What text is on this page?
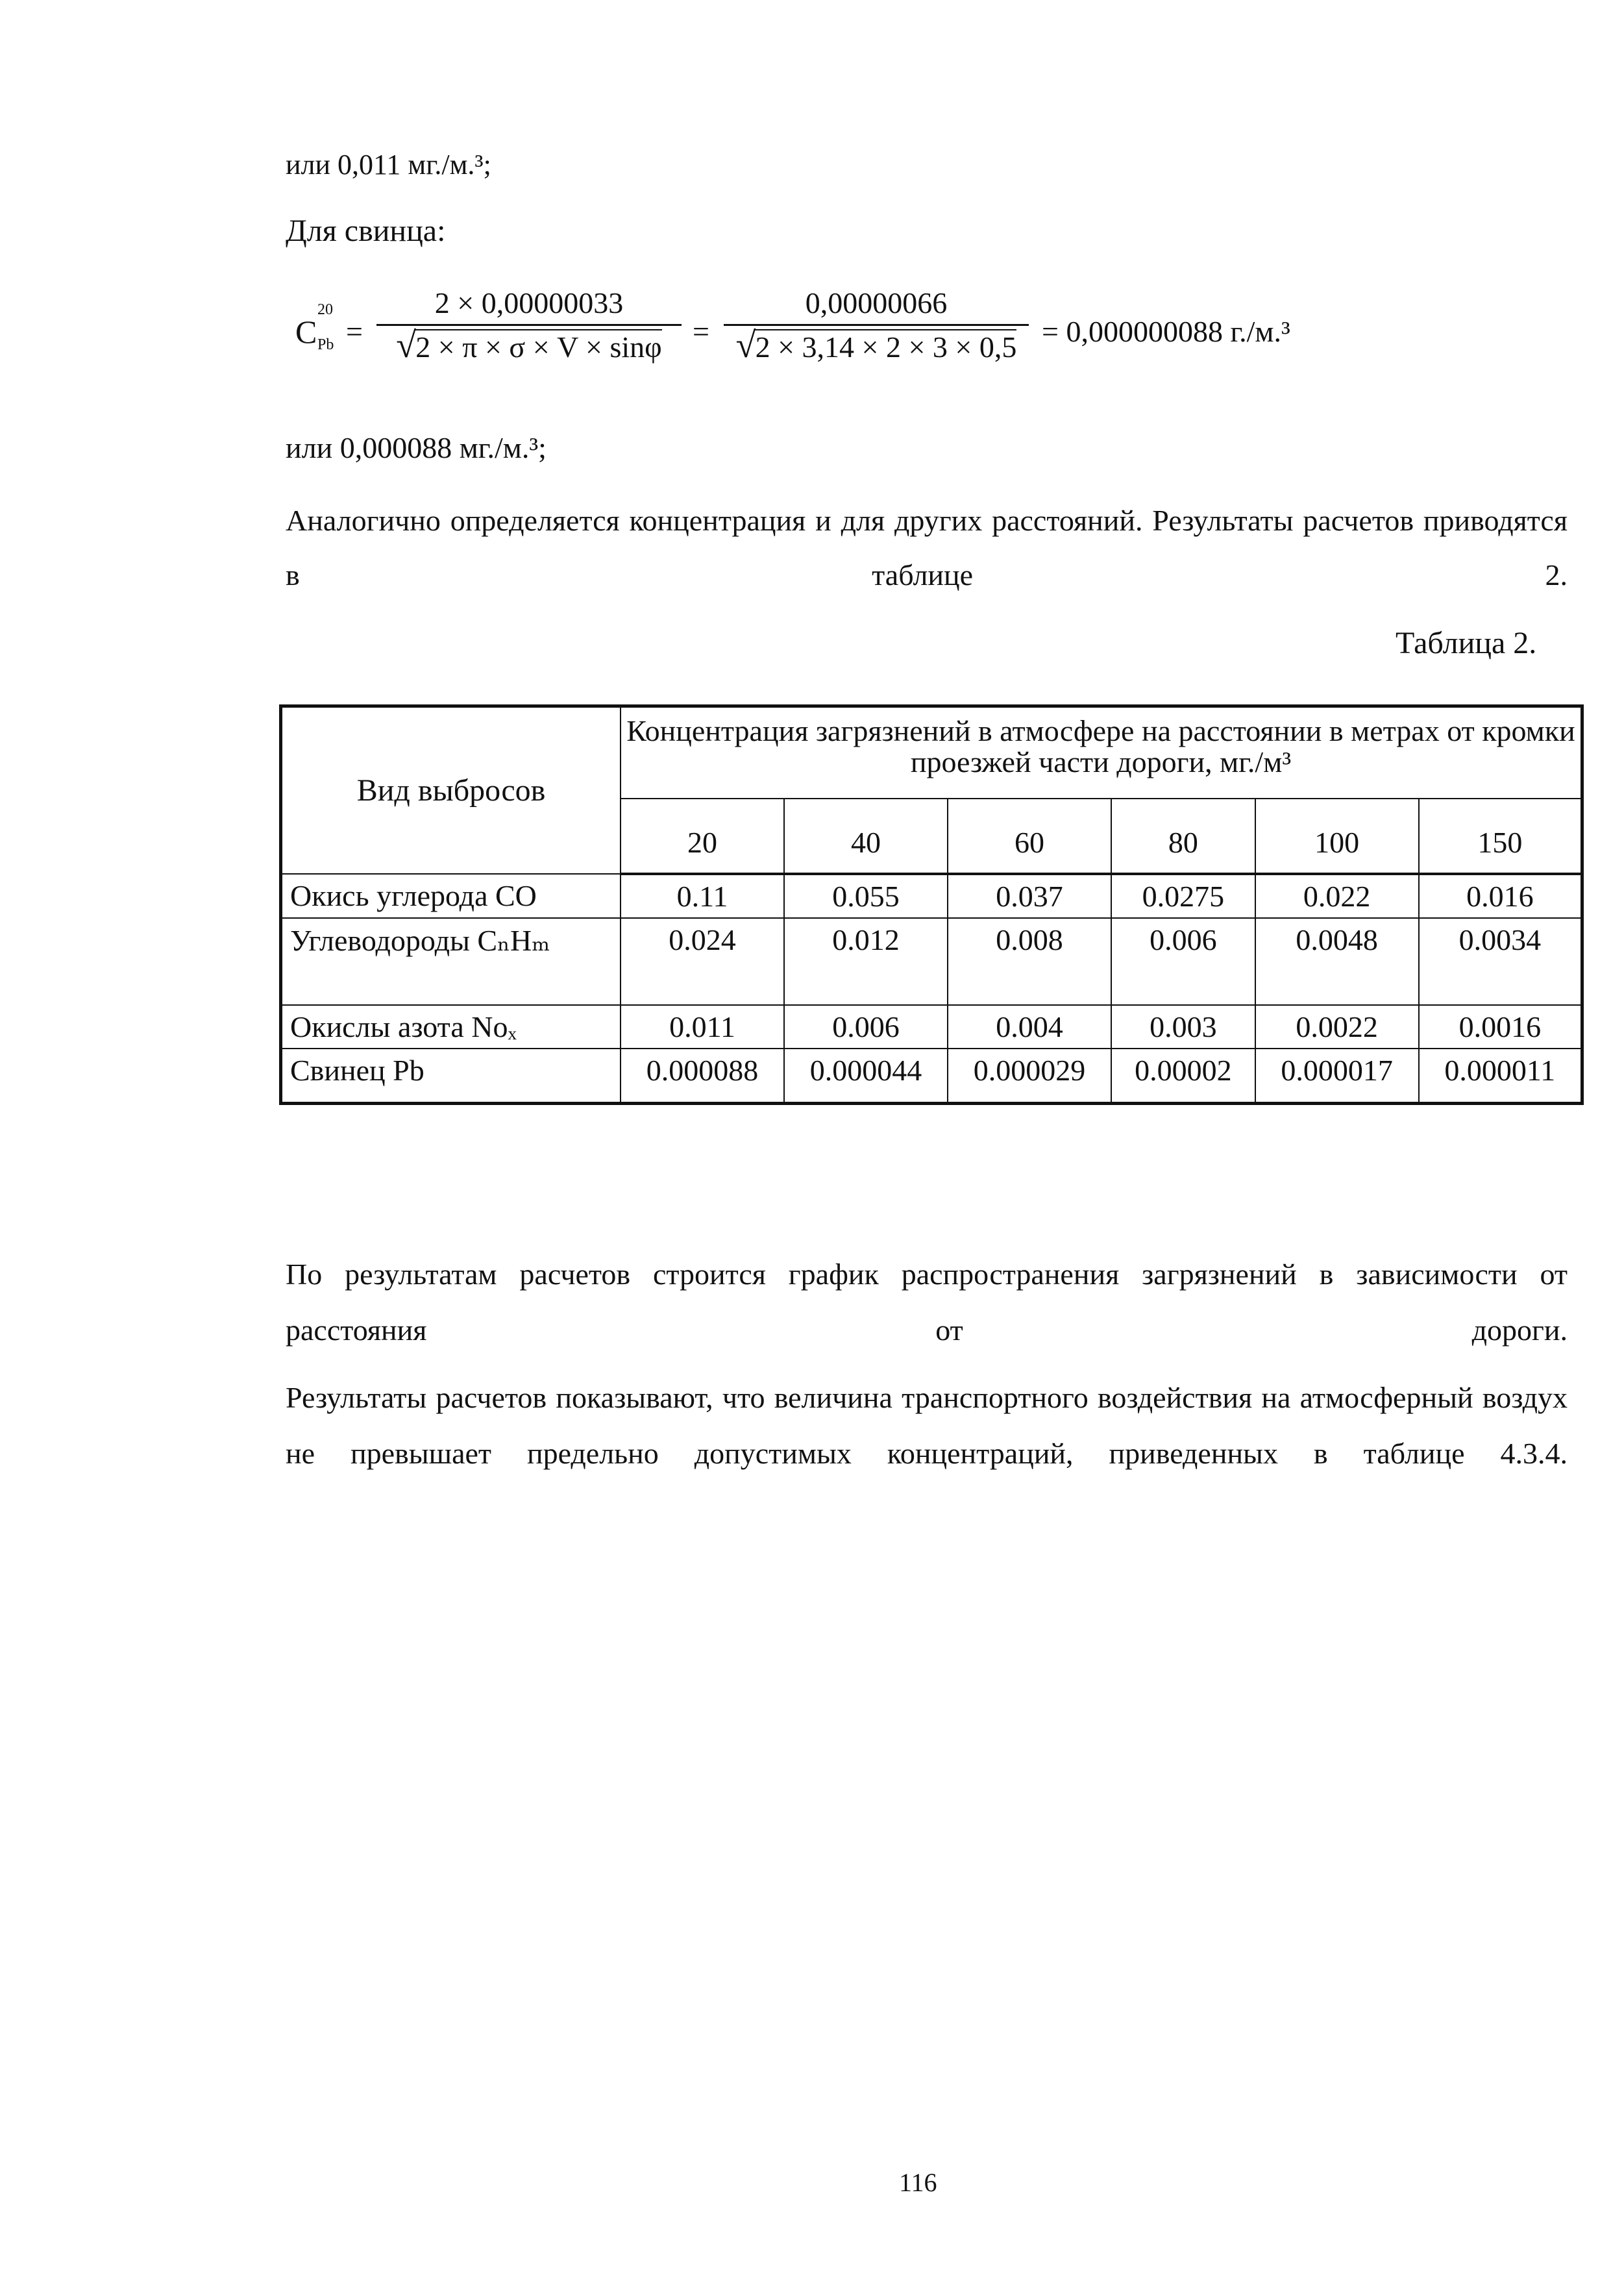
или 0,011 мг./м.³;
Для свинца:
C
20
Pb =
2 × 0,00000033
√ 2 × π × σ × V × sinφ	=
0,00000066
√ 2 × 3,14 × 2 × 3 × 0,5 = 0,000000088 г./м.³
или 0,000088 мг./м.³;
Аналогично определяется концентрация и для других расстояний. Результаты расчетов приводятся в таблице 2.
Таблица 2.
Вид выбросов	Концентрация загрязнений в атмосфере на расстоянии в метрах от кромки проезжей части дороги, мг./м³					
	20	40	60	80	100	150
Окись углерода СО	0.11	0.055	0.037	0.0275	0.022	0.016
Углеводороды CₙHₘ	0.024	0.012	0.008	0.006	0.0048	0.0034
Окислы азота Noₓ	0.011	0.006	0.004	0.003	0.0022	0.0016
Свинец Pb	0.000088	0.000044	0.000029	0.00002	0.000017	0.000011
По результатам расчетов строится график распространения загрязнений в зависимости от расстояния от дороги.
Результаты расчетов показывают, что величина транспортного воздействия на атмосферный воздух не превышает предельно допустимых концентраций, приведенных в таблице 4.3.4.
116
